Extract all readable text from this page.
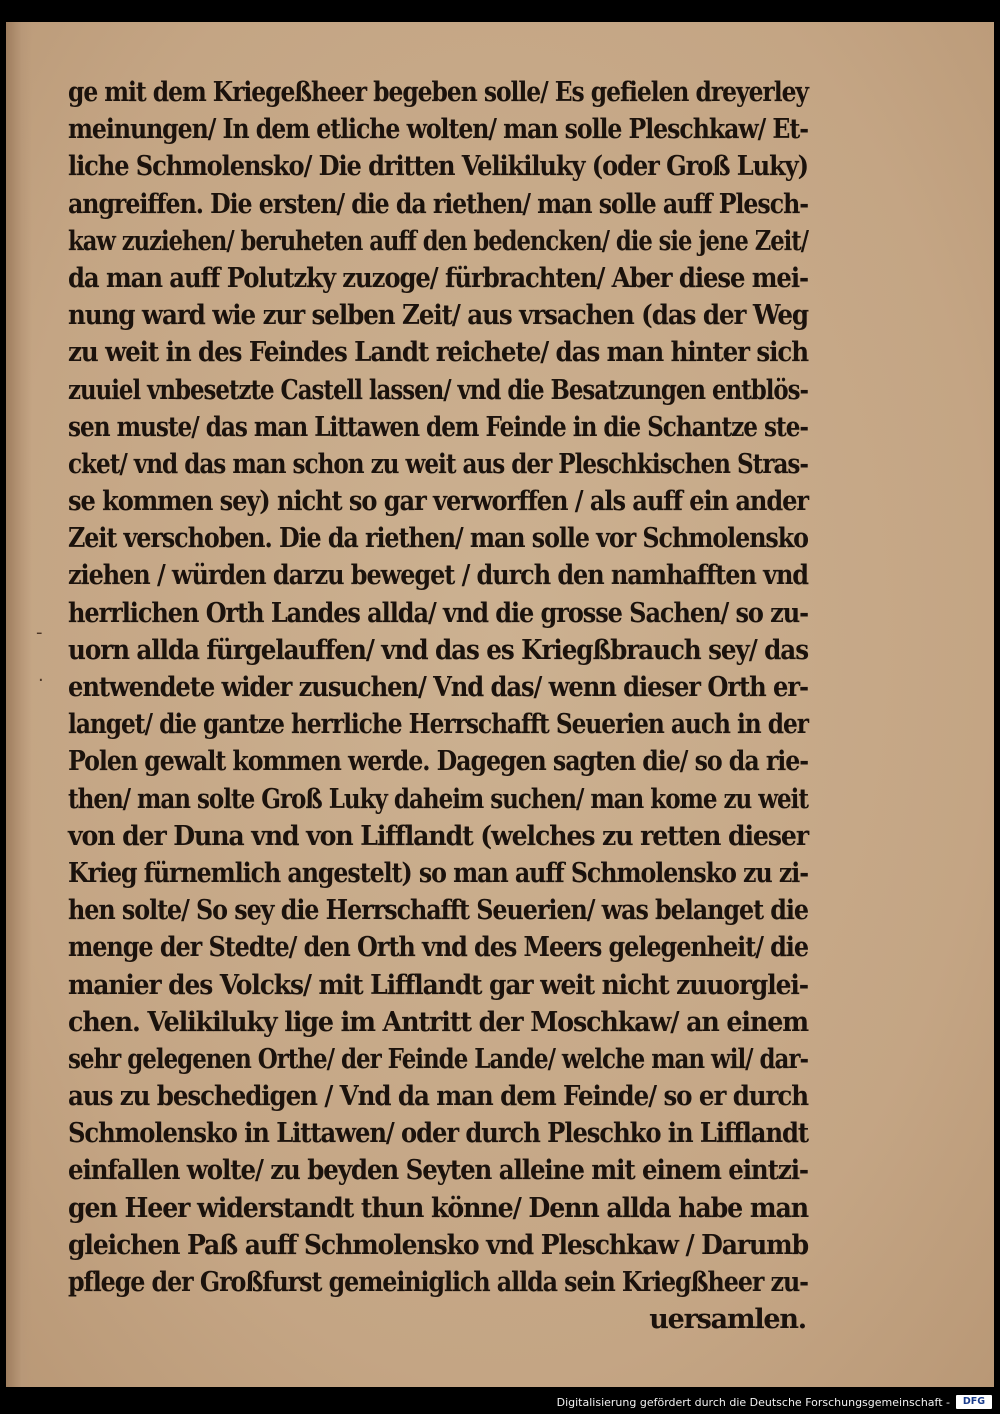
ge mit dem Kriegeßheer begeben solle/ Es gefielen dreyerley
meinungen/ In dem etliche wolten/ man solle Pleschkaw/ Et-
liche Schmolensko/ Die dritten Velikiluky (oder Groß Luky)
angreiffen. Die ersten/ die da riethen/ man solle auff Plesch-
kaw zuziehen/ beruheten auff den bedencken/ die sie jene Zeit/
da man auff Polutzky zuzoge/ fürbrachten/ Aber diese mei-
nung ward wie zur selben Zeit/ aus vrsachen (das der Weg
zu weit in des Feindes Landt reichete/ das man hinter sich
zuuiel vnbesetzte Castell lassen/ vnd die Besatzungen entblös-
sen muste/ das man Littawen dem Feinde in die Schantze ste-
cket/ vnd das man schon zu weit aus der Pleschkischen Stras-
se kommen sey) nicht so gar verworffen / als auff ein ander
Zeit verschoben. Die da riethen/ man solle vor Schmolensko
ziehen / würden darzu beweget / durch den namhafften vnd
herrlichen Orth Landes allda/ vnd die grosse Sachen/ so zu-
uorn allda fürgelauffen/ vnd das es Kriegßbrauch sey/ das
entwendete wider zusuchen/ Vnd das/ wenn dieser Orth er-
langet/ die gantze herrliche Herrschafft Seuerien auch in der
Polen gewalt kommen werde. Dagegen sagten die/ so da rie-
then/ man solte Groß Luky daheim suchen/ man kome zu weit
von der Duna vnd von Lifflandt (welches zu retten dieser
Krieg fürnemlich angestelt) so man auff Schmolensko zu zi-
hen solte/ So sey die Herrschafft Seuerien/ was belanget die
menge der Stedte/ den Orth vnd des Meers gelegenheit/ die
manier des Volcks/ mit Lifflandt gar weit nicht zuuorglei-
chen. Velikiluky lige im Antritt der Moschkaw/ an einem
sehr gelegenen Orthe/ der Feinde Lande/ welche man wil/ dar-
aus zu beschedigen / Vnd da man dem Feinde/ so er durch
Schmolensko in Littawen/ oder durch Pleschko in Lifflandt
einfallen wolte/ zu beyden Seyten alleine mit einem eintzi-
gen Heer widerstandt thun könne/ Denn allda habe man
gleichen Paß auff Schmolensko vnd Pleschkaw / Darumb
pflege der Großfurst gemeiniglich allda sein Kriegßheer zu-
uersamlen.
-
·
Digitalisierung gefördert durch die Deutsche Forschungsgemeinschaft -	DFG
